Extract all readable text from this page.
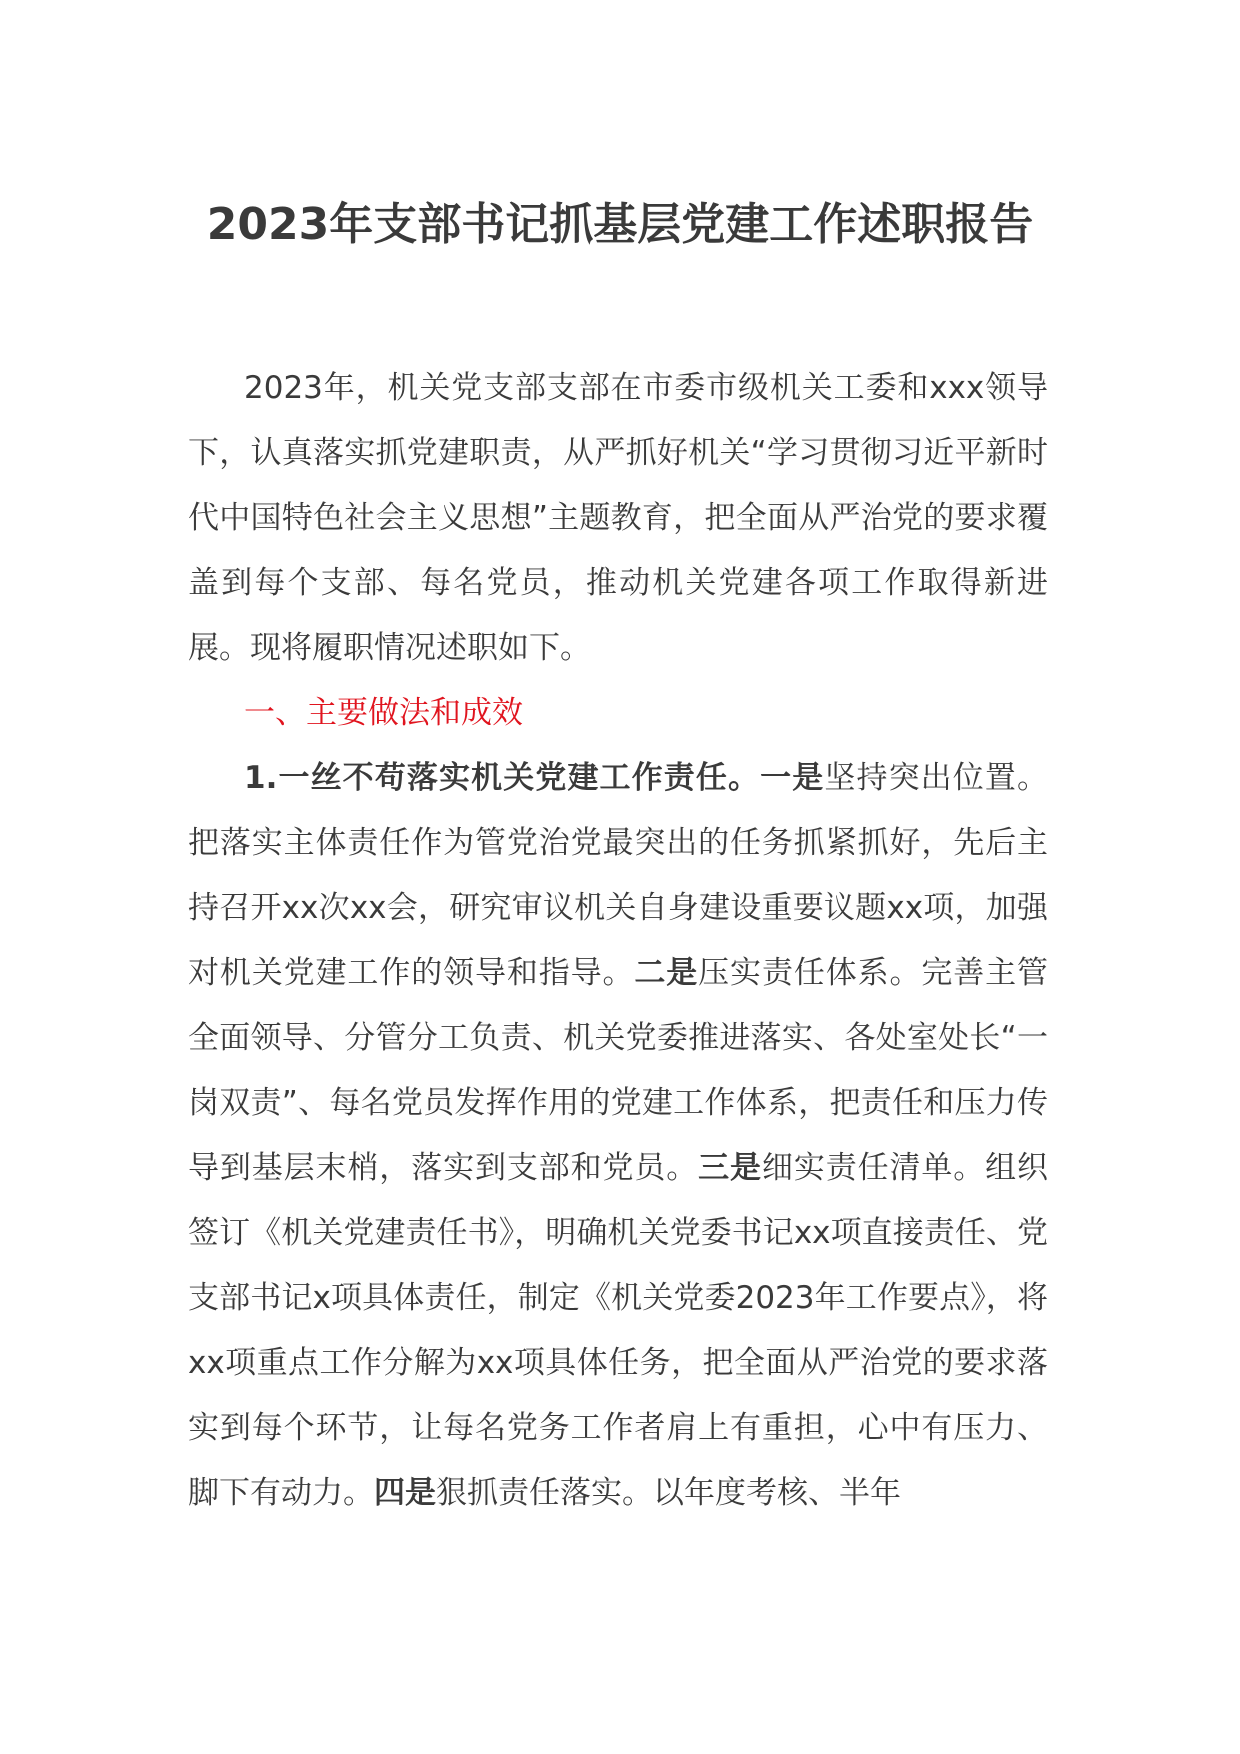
2023年支部书记抓基层党建工作述职报告

2023年，机关党支部支部在市委市级机关工委和xxx领导下，认真落实抓党建职责，从严抓好机关“学习贯彻习近平新时代中国特色社会主义思想”主题教育，把全面从严治党的要求覆盖到每个支部、每名党员，推动机关党建各项工作取得新进展。现将履职情况述职如下。

一、主要做法和成效

1.一丝不苟落实机关党建工作责任。一是坚持突出位置。把落实主体责任作为管党治党最突出的任务抓紧抓好，先后主持召开xx次xx会，研究审议机关自身建设重要议题xx项，加强对机关党建工作的领导和指导。二是压实责任体系。完善主管全面领导、分管分工负责、机关党委推进落实、各处室处长“一岗双责”、每名党员发挥作用的党建工作体系，把责任和压力传导到基层末梢，落实到支部和党员。三是细实责任清单。组织签订《机关党建责任书》，明确机关党委书记xx项直接责任、党支部书记x项具体责任，制定《机关党委2023年工作要点》，将xx项重点工作分解为xx项具体任务，把全面从严治党的要求落实到每个环节，让每名党务工作者肩上有重担，心中有压力、脚下有动力。四是狠抓责任落实。以年度考核、半年
